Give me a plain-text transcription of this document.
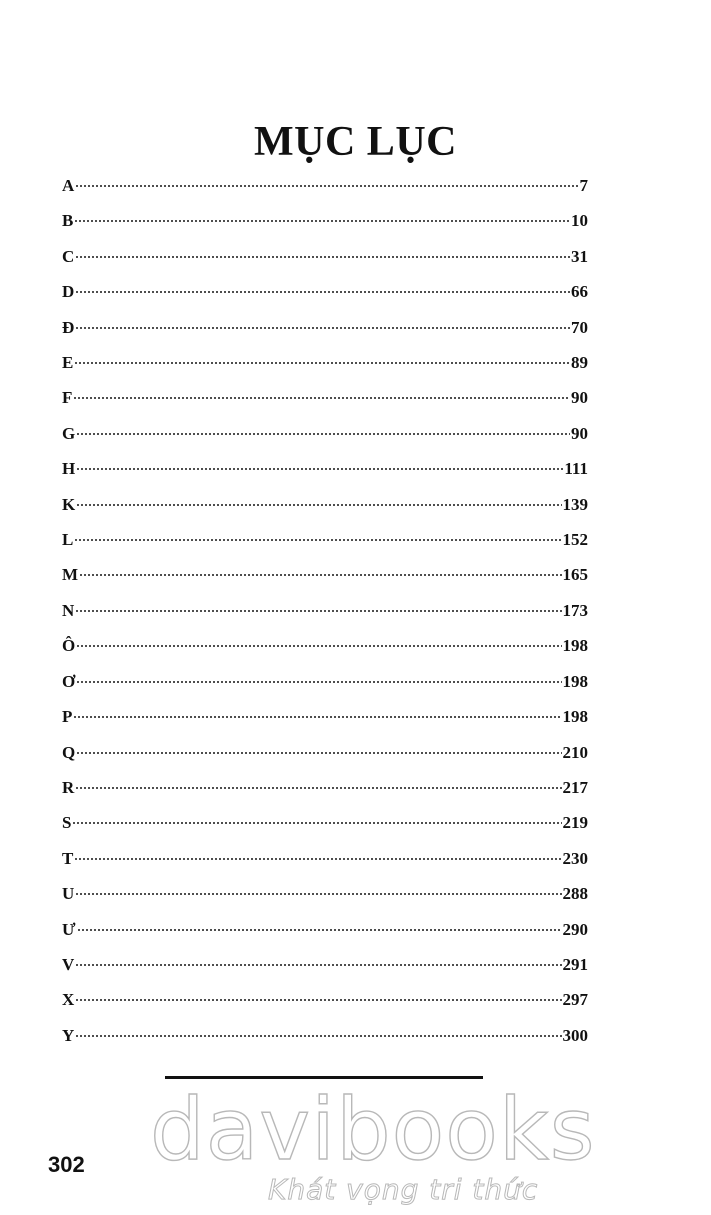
MỤC LỤC
A	7
B	10
C	31
D	66
Đ	70
E	89
F	90
G	90
H	111
K	139
L	152
M	165
N	173
Ô	198
Ơ	198
P	198
Q	210
R	217
S	219
T	230
U	288
Ư	290
V	291
X	297
Y	300
davibooks
Khát vọng tri thức
302
